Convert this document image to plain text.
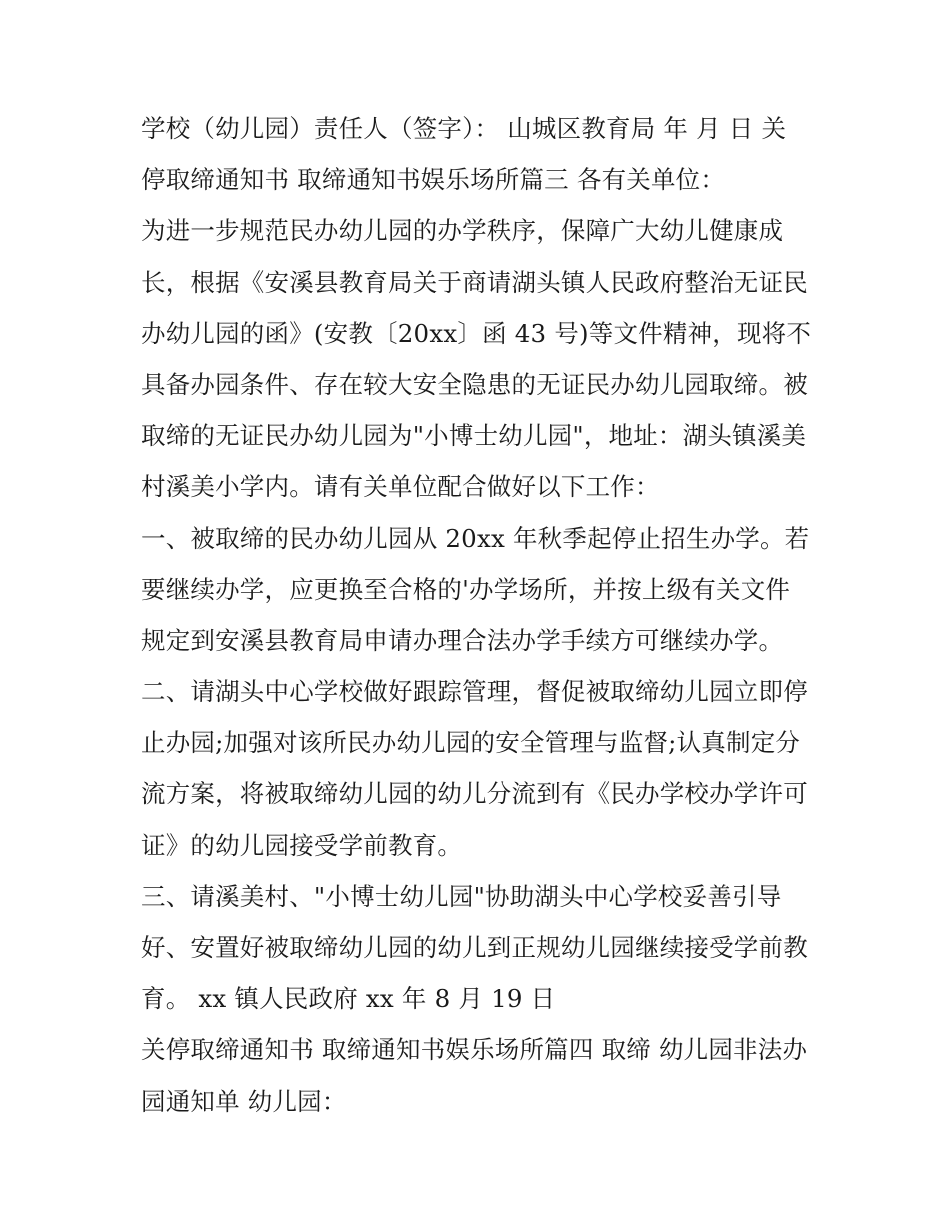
学校（幼儿园）责任人（签字）： 山城区教育局 年 月 日 关
停取缔通知书 取缔通知书娱乐场所篇三 各有关单位：
为进一步规范民办幼儿园的办学秩序，保障广大幼儿健康成
长，根据《安溪县教育局关于商请湖头镇人民政府整治无证民
办幼儿园的函》(安教〔20xx〕函 43 号)等文件精神，现将不
具备办园条件、存在较大安全隐患的无证民办幼儿园取缔。被
取缔的无证民办幼儿园为"小博士幼儿园"，地址：湖头镇溪美
村溪美小学内。请有关单位配合做好以下工作：
一、被取缔的民办幼儿园从 20xx 年秋季起停止招生办学。若
要继续办学，应更换至合格的'办学场所，并按上级有关文件
规定到安溪县教育局申请办理合法办学手续方可继续办学。
二、请湖头中心学校做好跟踪管理，督促被取缔幼儿园立即停
止办园;加强对该所民办幼儿园的安全管理与监督;认真制定分
流方案，将被取缔幼儿园的幼儿分流到有《民办学校办学许可
证》的幼儿园接受学前教育。
三、请溪美村、"小博士幼儿园"协助湖头中心学校妥善引导
好、安置好被取缔幼儿园的幼儿到正规幼儿园继续接受学前教
育。 xx 镇人民政府 xx 年 8 月 19 日
关停取缔通知书 取缔通知书娱乐场所篇四 取缔 幼儿园非法办
园通知单 幼儿园：
